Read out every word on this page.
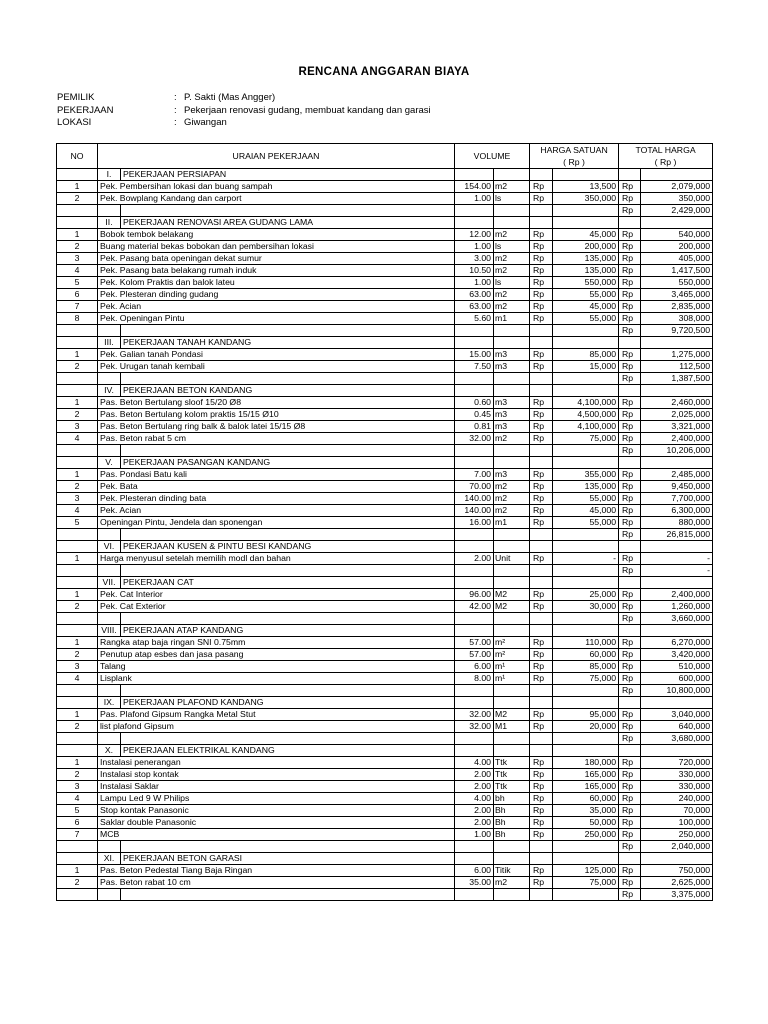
RENCANA ANGGARAN BIAYA
PEMILIK	: P. Sakti (Mas Angger)
PEKERJAAN	: Pekerjaan renovasi gudang, membuat kandang dan garasi
LOKASI	: Giwangan
NO	URAIAN PEKERJAAN		VOLUME		HARGA SATUAN		TOTAL HARGA	
					( Rp )		( Rp )	
	I.	PEKERJAAN PERSIAPAN						
1	Pek. Pembersihan lokasi dan buang sampah		154.00	m2	Rp	13,500	Rp	2,079,000
2	Pek. Bowplang Kandang dan carport		1.00	ls	Rp	350,000	Rp	350,000
							Rp	2,429,000
	II.	PEKERJAAN RENOVASI AREA GUDANG LAMA						
1	Bobok tembok belakang		12.00	m2	Rp	45,000	Rp	540,000
2	Buang material bekas bobokan dan pembersihan lokasi		1.00	ls	Rp	200,000	Rp	200,000
3	Pek. Pasang bata openingan dekat sumur		3.00	m2	Rp	135,000	Rp	405,000
4	Pek. Pasang bata belakang rumah induk		10.50	m2	Rp	135,000	Rp	1,417,500
5	Pek. Kolom Praktis dan balok lateu		1.00	ls	Rp	550,000	Rp	550,000
6	Pek. Plesteran dinding gudang		63.00	m2	Rp	55,000	Rp	3,465,000
7	Pek. Acian		63.00	m2	Rp	45,000	Rp	2,835,000
8	Pek. Openingan Pintu		5.60	m1	Rp	55,000	Rp	308,000
							Rp	9,720,500
	III.	PEKERJAAN TANAH KANDANG						
1	Pek. Galian tanah Pondasi		15.00	m3	Rp	85,000	Rp	1,275,000
2	Pek. Urugan tanah kembali		7.50	m3	Rp	15,000	Rp	112,500
							Rp	1,387,500
	IV.	PEKERJAAN BETON KANDANG						
1	Pas. Beton Bertulang sloof 15/20 Ø8		0.60	m3	Rp	4,100,000	Rp	2,460,000
2	Pas. Beton Bertulang kolom praktis 15/15 Ø10		0.45	m3	Rp	4,500,000	Rp	2,025,000
3	Pas. Beton Bertulang ring balk & balok latei 15/15 Ø8		0.81	m3	Rp	4,100,000	Rp	3,321,000
4	Pas. Beton rabat 5 cm		32.00	m2	Rp	75,000	Rp	2,400,000
							Rp	10,206,000
	V.	PEKERJAAN PASANGAN KANDANG						
1	Pas. Pondasi Batu kali		7.00	m3	Rp	355,000	Rp	2,485,000
2	Pek. Bata		70.00	m2	Rp	135,000	Rp	9,450,000
3	Pek. Plesteran dinding bata		140.00	m2	Rp	55,000	Rp	7,700,000
4	Pek. Acian		140.00	m2	Rp	45,000	Rp	6,300,000
5	Openingan Pintu, Jendela dan sponengan		16.00	m1	Rp	55,000	Rp	880,000
							Rp	26,815,000
	VI.	PEKERJAAN KUSEN & PINTU BESI KANDANG						
1	Harga menyusul setelah memilih modl dan bahan		2.00	Unit	Rp	-	Rp	-
							Rp	-
	VII.	PEKERJAAN CAT						
1	Pek. Cat Interior		96.00	M2	Rp	25,000	Rp	2,400,000
2	Pek. Cat Exterior		42.00	M2	Rp	30,000	Rp	1,260,000
							Rp	3,660,000
	VIII.	PEKERJAAN ATAP KANDANG						
1	Rangka atap baja ringan SNI 0.75mm		57.00	m²	Rp	110,000	Rp	6,270,000
2	Penutup atap esbes dan jasa pasang		57.00	m²	Rp	60,000	Rp	3,420,000
3	Talang		6.00	m¹	Rp	85,000	Rp	510,000
4	Lisplank		8.00	m¹	Rp	75,000	Rp	600,000
							Rp	10,800,000
	IX.	PEKERJAAN PLAFOND KANDANG						
1	Pas. Plafond Gipsum Rangka Metal Stut		32.00	M2	Rp	95,000	Rp	3,040,000
2	list plafond Gipsum		32.00	M1	Rp	20,000	Rp	640,000
							Rp	3,680,000
	X.	PEKERJAAN ELEKTRIKAL KANDANG						
1	Instalasi penerangan		4.00	Ttk	Rp	180,000	Rp	720,000
2	Instalasi stop kontak		2.00	Ttk	Rp	165,000	Rp	330,000
3	Instalasi Saklar		2.00	Ttk	Rp	165,000	Rp	330,000
4	Lampu Led 9 W Philips		4.00	bh	Rp	60,000	Rp	240,000
5	Stop kontak Panasonic		2.00	Bh	Rp	35,000	Rp	70,000
6	Saklar double Panasonic		2.00	Bh	Rp	50,000	Rp	100,000
7	MCB		1.00	Bh	Rp	250,000	Rp	250,000
							Rp	2,040,000
	XI.	PEKERJAAN BETON GARASI						
1	Pas. Beton Pedestal Tiang Baja Ringan		6.00	Titik	Rp	125,000	Rp	750,000
2	Pas. Beton rabat 10 cm		35.00	m2	Rp	75,000	Rp	2,625,000
							Rp	3,375,000
